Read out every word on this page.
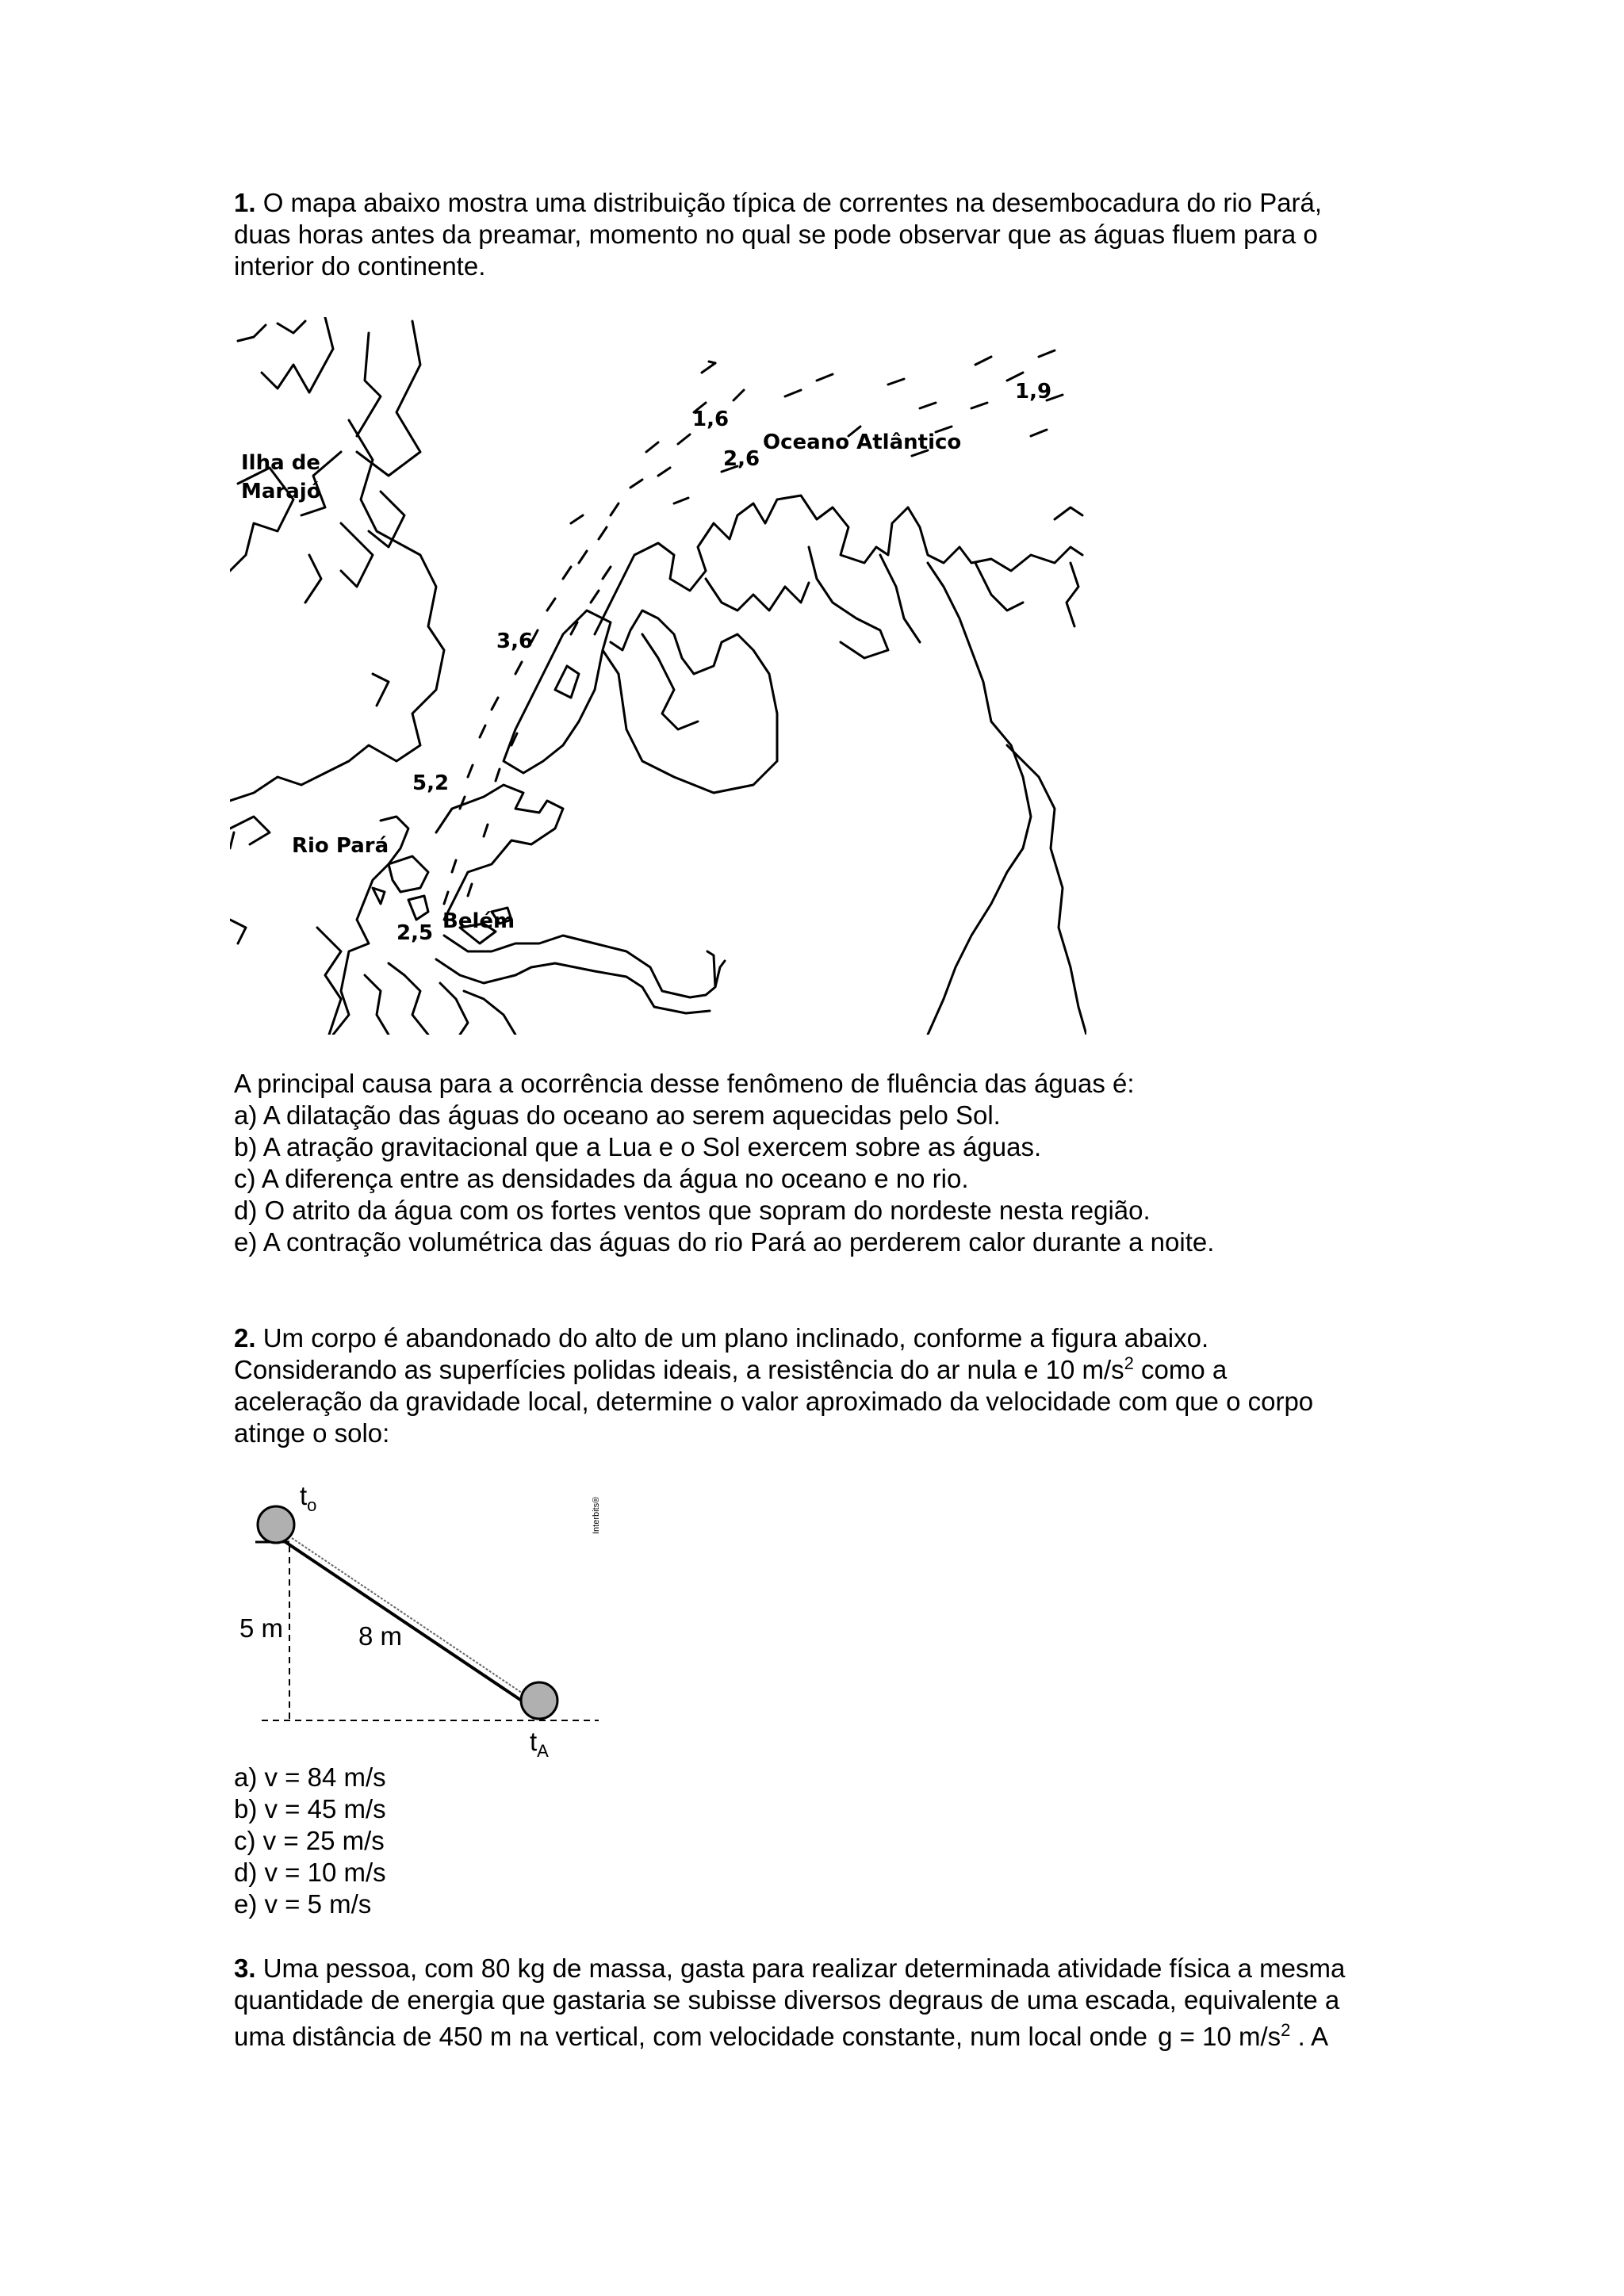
1. O mapa abaixo mostra uma distribuição típica de correntes na desembocadura do rio Pará,
duas horas antes da preamar, momento no qual se pode observar que as águas fluem para o
interior do continente.
Ilha de
Marajó
Oceano Atlântico
Rio Pará
Belém
1,6
2,6
1,9
3,6
5,2
2,5
A principal causa para a ocorrência desse fenômeno de fluência das águas é:
a) A dilatação das águas do oceano ao serem aquecidas pelo Sol.
b) A atração gravitacional que a Lua e o Sol exercem sobre as águas.
c) A diferença entre as densidades da água no oceano e no rio.
d) O atrito da água com os fortes ventos que sopram do nordeste nesta região.
e) A contração volumétrica das águas do rio Pará ao perderem calor durante a noite.
2. Um corpo é abandonado do alto de um plano inclinado, conforme a figura abaixo.
Considerando as superfícies polidas ideais, a resistência do ar nula e 10 $m/s^2$ como a
aceleração da gravidade local, determine o valor aproximado da velocidade com que o corpo
atinge o solo:
$t_o$
$t_A$
5 m	8 m
Interbits®
a) v = 84 m/s
b) v = 45 m/s
c) v = 25 m/s
d) v = 10 m/s
e) v = 5 m/s
3. Uma pessoa, com 80 kg de massa, gasta para realizar determinada atividade física a mesma
quantidade de energia que gastaria se subisse diversos degraus de uma escada, equivalente a
uma distância de 450 m na vertical, com velocidade constante, num local onde g = 10 $m/s^2$ . A
